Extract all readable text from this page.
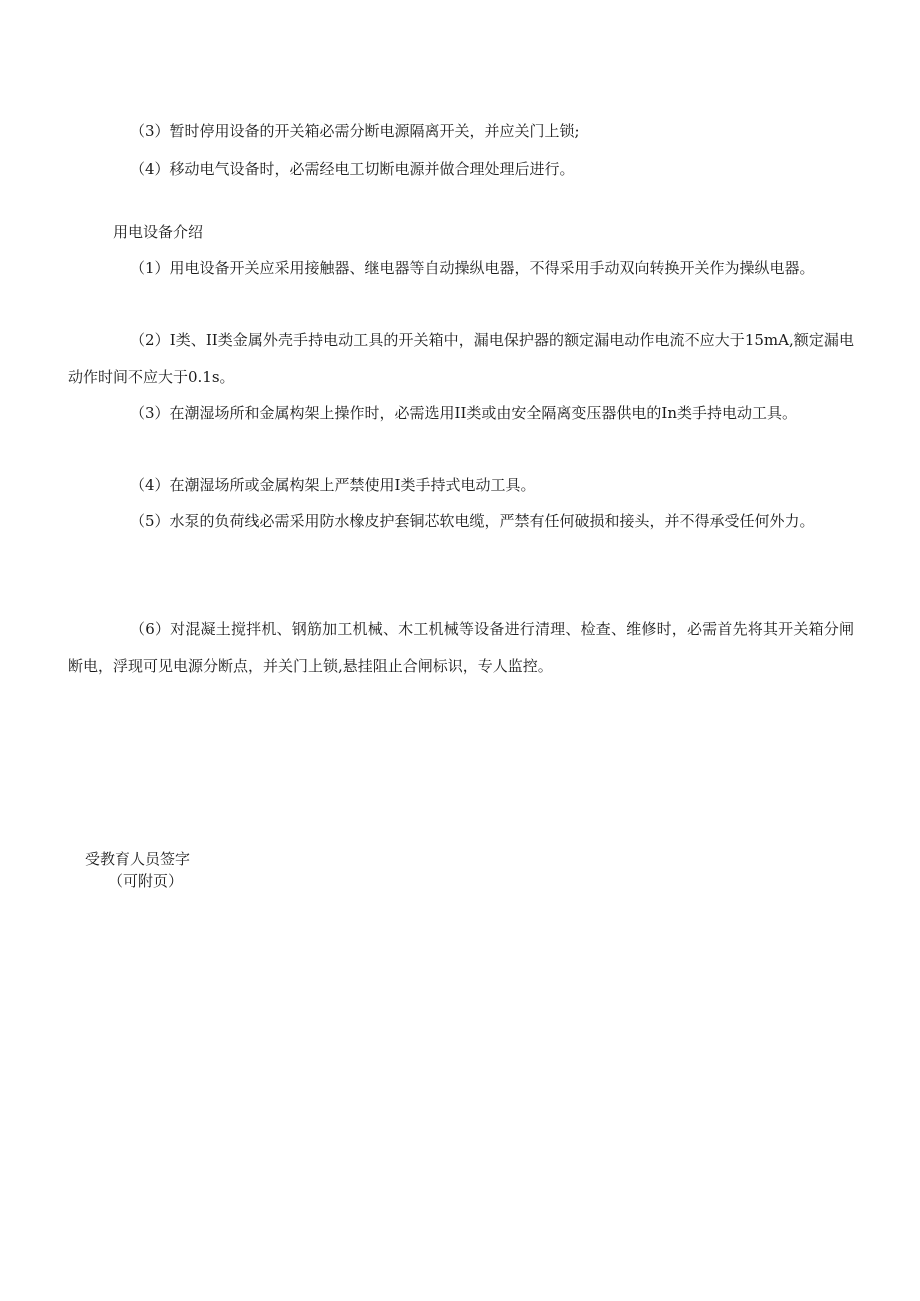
（3）暂时停用设备的开关箱必需分断电源隔离开关，并应关门上锁;

（4）移动电气设备时，必需经电工切断电源并做合理处理后进行。

用电设备介绍

（1）用电设备开关应采用接触器、继电器等自动操纵电器，不得采用手动双向转换开关作为操纵电器。

（2）I类、II类金属外壳手持电动工具的开关箱中，漏电保护器的额定漏电动作电流不应大于15mA,额定漏电动作时间不应大于0.1s。

（3）在潮湿场所和金属构架上操作时，必需选用II类或由安全隔离变压器供电的In类手持电动工具。

（4）在潮湿场所或金属构架上严禁使用I类手持式电动工具。

（5）水泵的负荷线必需采用防水橡皮护套铜芯软电缆，严禁有任何破损和接头，并不得承受任何外力。

（6）对混凝土搅拌机、钢筋加工机械、木工机械等设备进行清理、检查、维修时，必需首先将其开关箱分闸断电，浮现可见电源分断点，并关门上锁,悬挂阻止合闸标识，专人监控。

受教育人员签字

（可附页）
